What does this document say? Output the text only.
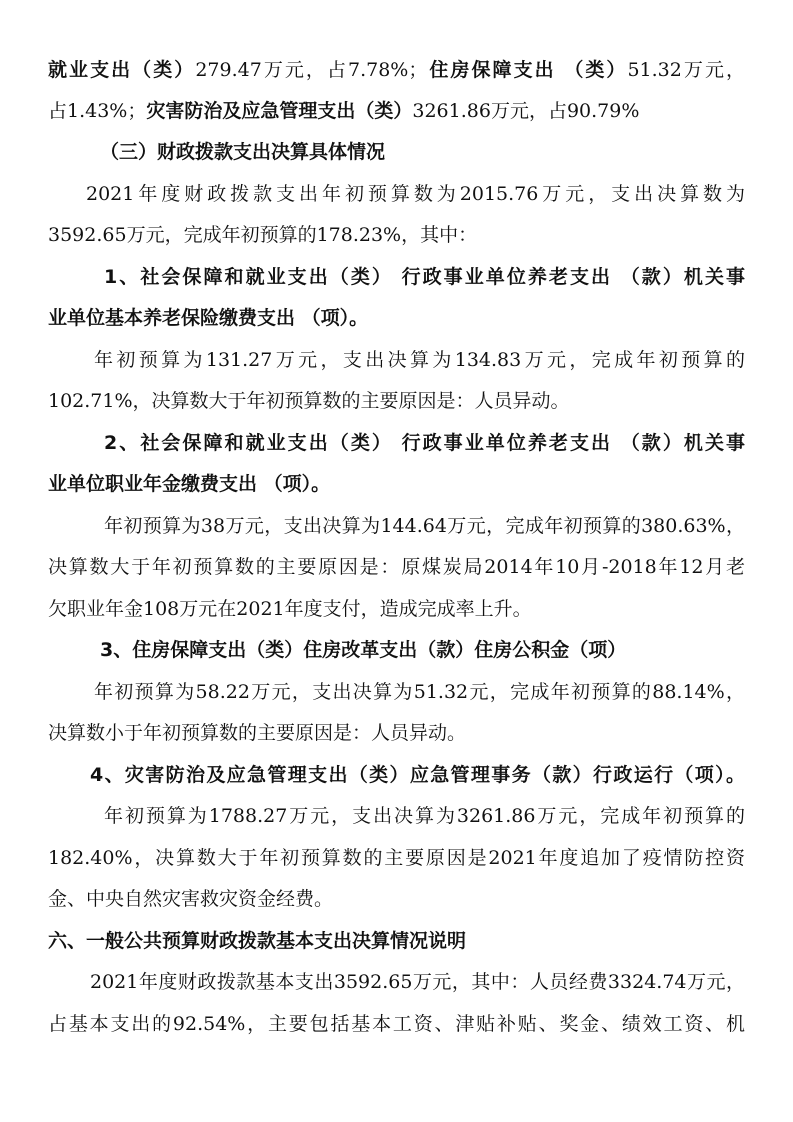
就业支出（类）279.47万元，占7.78%；住房保障支出 （类）51.32万元，
占1.43%；灾害防治及应急管理支出（类）3261.86万元，占90.79%
（三）财政拨款支出决算具体情况
2021年度财政拨款支出年初预算数为2015.76万元，支出决算数为
3592.65万元，完成年初预算的178.23%，其中：
1、社会保障和就业支出（类） 行政事业单位养老支出 （款）机关事
业单位基本养老保险缴费支出 （项）。
年初预算为131.27万元，支出决算为134.83万元，完成年初预算的
102.71%，决算数大于年初预算数的主要原因是：人员异动。
2、社会保障和就业支出（类） 行政事业单位养老支出 （款）机关事
业单位职业年金缴费支出 （项）。
年初预算为38万元，支出决算为144.64万元，完成年初预算的380.63%，
决算数大于年初预算数的主要原因是：原煤炭局2014年10月-2018年12月老
欠职业年金108万元在2021年度支付，造成完成率上升。
3、住房保障支出（类）住房改革支出（款）住房公积金（项）
年初预算为58.22万元，支出决算为51.32元，完成年初预算的88.14%，
决算数小于年初预算数的主要原因是：人员异动。
4、灾害防治及应急管理支出（类）应急管理事务（款）行政运行（项）。
年初预算为1788.27万元，支出决算为3261.86万元，完成年初预算的
182.40%，决算数大于年初预算数的主要原因是2021年度追加了疫情防控资
金、中央自然灾害救灾资金经费。
六、一般公共预算财政拨款基本支出决算情况说明
2021年度财政拨款基本支出3592.65万元，其中：人员经费3324.74万元，
占基本支出的92.54%，主要包括基本工资、津贴补贴、奖金、绩效工资、机
